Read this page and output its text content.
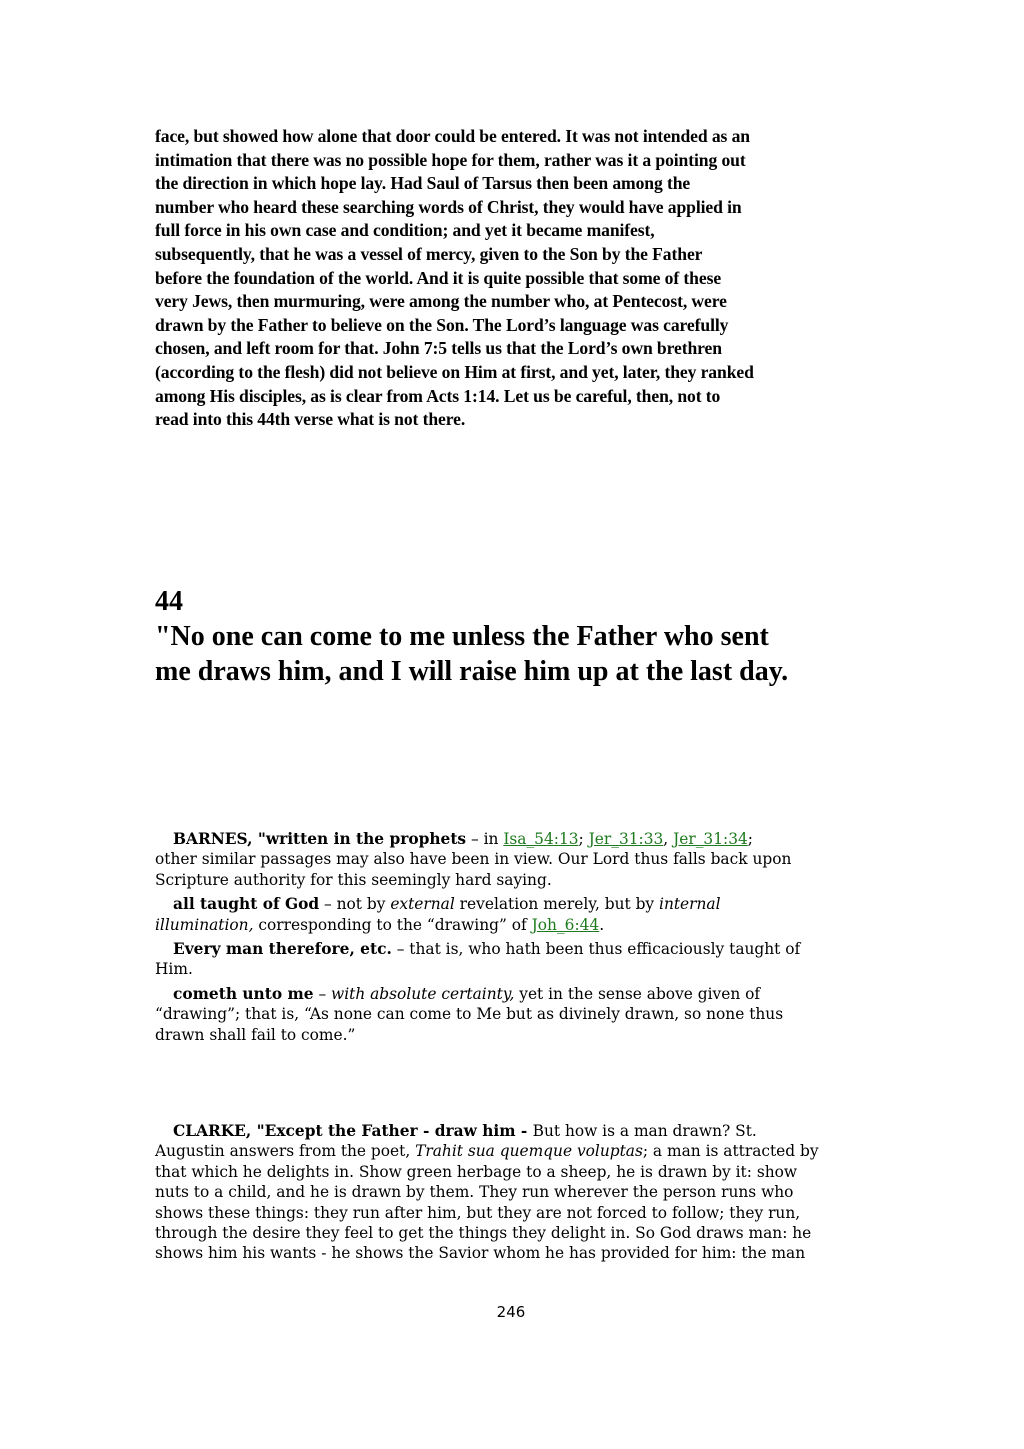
face, but showed how alone that door could be entered. It was not intended as an
intimation that there was no possible hope for them, rather was it a pointing out
the direction in which hope lay. Had Saul of Tarsus then been among the
number who heard these searching words of Christ, they would have applied in
full force in his own case and condition; and yet it became manifest,
subsequently, that he was a vessel of mercy, given to the Son by the Father
before the foundation of the world. And it is quite possible that some of these
very Jews, then murmuring, were among the number who, at Pentecost, were
drawn by the Father to believe on the Son. The Lord’s language was carefully
chosen, and left room for that. John 7:5 tells us that the Lord’s own brethren
(according to the flesh) did not believe on Him at first, and yet, later, they ranked
among His disciples, as is clear from Acts 1:14. Let us be careful, then, not to
read into this 44th verse what is not there.
44
"No one can come to me unless the Father who sent
me draws him, and I will raise him up at the last day.
BARNES, "written in the prophets – in Isa_54:13; Jer_31:33, Jer_31:34;
other similar passages may also have been in view. Our Lord thus falls back upon
Scripture authority for this seemingly hard saying.
all taught of God – not by external revelation merely, but by internal
illumination, corresponding to the “drawing” of Joh_6:44.
Every man therefore, etc. – that is, who hath been thus efficaciously taught of
Him.
cometh unto me – with absolute certainty, yet in the sense above given of
“drawing”; that is, “As none can come to Me but as divinely drawn, so none thus
drawn shall fail to come.”
CLARKE, "Except the Father - draw him - But how is a man drawn? St.
Augustin answers from the poet, Trahit sua quemque voluptas; a man is attracted by
that which he delights in. Show green herbage to a sheep, he is drawn by it: show
nuts to a child, and he is drawn by them. They run wherever the person runs who
shows these things: they run after him, but they are not forced to follow; they run,
through the desire they feel to get the things they delight in. So God draws man: he
shows him his wants - he shows the Savior whom he has provided for him: the man
246
